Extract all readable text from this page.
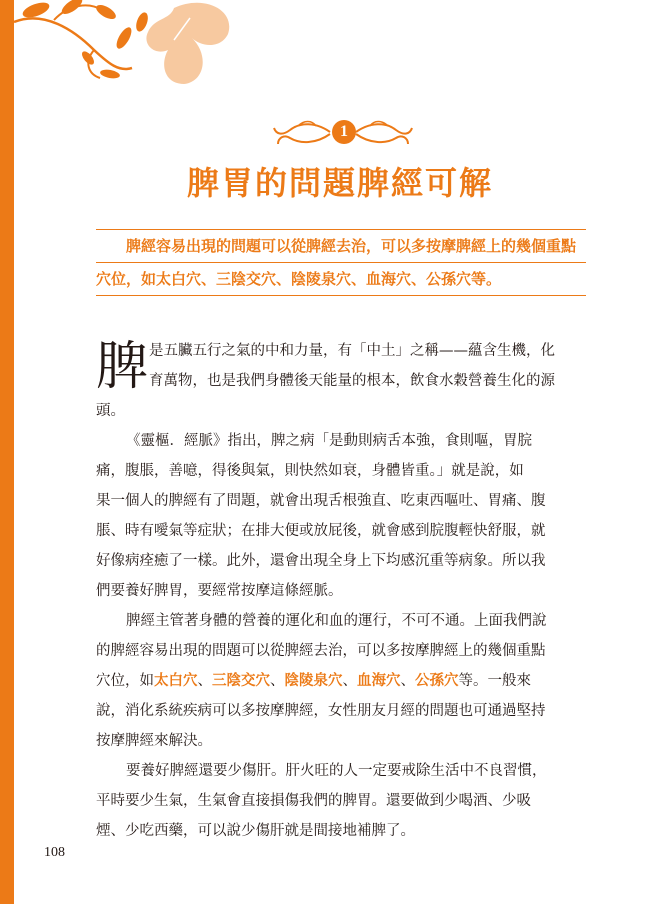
1
脾胃的問題脾經可解
脾經容易出現的問題可以從脾經去治，可以多按摩脾經上的幾個重點
穴位，如太白穴、三陰交穴、陰陵泉穴、血海穴、公孫穴等。
脾 是五臟五行之氣的中和力量，有「中土」之稱——蘊含生機，化
育萬物，也是我們身體後天能量的根本，飲食水穀營養生化的源
頭。
《靈樞．經脈》指出，脾之病「是動則病舌本強，食則嘔，胃脘
痛，腹脹，善噫，得後與氣，則快然如衰，身體皆重。」就是說，如
果一個人的脾經有了問題，就會出現舌根強直、吃東西嘔吐、胃痛、腹
脹、時有噯氣等症狀；在排大便或放屁後，就會感到脘腹輕快舒服，就
好像病痊癒了一樣。此外，還會出現全身上下均感沉重等病象。所以我
們要養好脾胃，要經常按摩這條經脈。
脾經主管著身體的營養的運化和血的運行，不可不通。上面我們說
的脾經容易出現的問題可以從脾經去治，可以多按摩脾經上的幾個重點
穴位，如太白穴、三陰交穴、陰陵泉穴、血海穴、公孫穴等。一般來
說，消化系統疾病可以多按摩脾經，女性朋友月經的問題也可通過堅持
按摩脾經來解決。
要養好脾經還要少傷肝。肝火旺的人一定要戒除生活中不良習慣，
平時要少生氣，生氣會直接損傷我們的脾胃。還要做到少喝酒、少吸
煙、少吃西藥，可以說少傷肝就是間接地補脾了。
108
